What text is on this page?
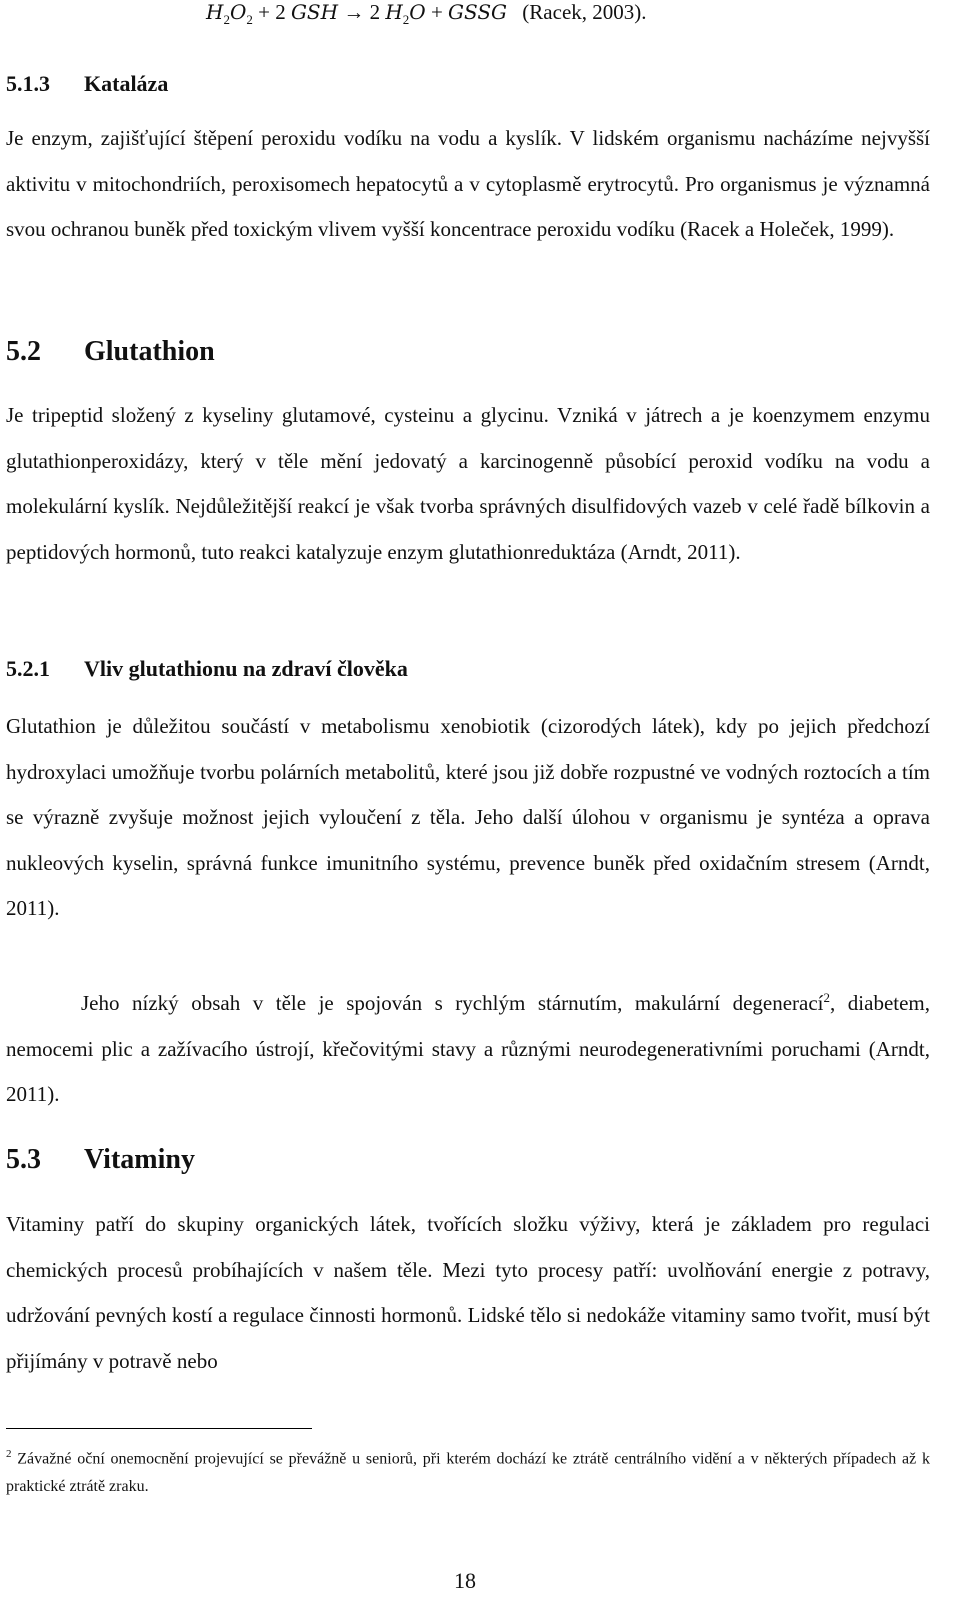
$H_2O_2 + 2$ GSH → 2 $H_2O$ + GSSG (Racek, 2003).
5.1.3 Kataláza
Je enzym, zajišťující štěpení peroxidu vodíku na vodu a kyslík. V lidském organismu nacházíme nejvyšší aktivitu v mitochondriích, peroxisomech hepatocytů a v cytoplasmě erytrocytů. Pro organismus je významná svou ochranou buněk před toxickým vlivem vyšší koncentrace peroxidu vodíku (Racek a Holeček, 1999).
5.2 Glutathion
Je tripeptid složený z kyseliny glutamové, cysteinu a glycinu. Vzniká v játrech a je koenzymem enzymu glutathionperoxidázy, který v těle mění jedovatý a karcinogenně působící peroxid vodíku na vodu a molekulární kyslík. Nejdůležitější reakcí je však tvorba správných disulfidových vazeb v celé řadě bílkovin a peptidových hormonů, tuto reakci katalyzuje enzym glutathionreduktáza (Arndt, 2011).
5.2.1 Vliv glutathionu na zdraví člověka
Glutathion je důležitou součástí v metabolismu xenobiotik (cizorodých látek), kdy po jejich předchozí hydroxylaci umožňuje tvorbu polárních metabolitů, které jsou již dobře rozpustné ve vodných roztocích a tím se výrazně zvyšuje možnost jejich vyloučení z těla. Jeho další úlohou v organismu je syntéza a oprava nukleových kyselin, správná funkce imunitního systému, prevence buněk před oxidačním stresem (Arndt, 2011).
Jeho nízký obsah v těle je spojován s rychlým stárnutím, makulární degenerací$^2$, diabetem, nemocemi plic a zažívacího ústrojí, křečovitými stavy a různými neurodegenerativními poruchami (Arndt, 2011).
5.3 Vitaminy
Vitaminy patří do skupiny organických látek, tvořících složku výživy, která je základem pro regulaci chemických procesů probíhajících v našem těle. Mezi tyto procesy patří: uvolňování energie z potravy, udržování pevných kostí a regulace činnosti hormonů. Lidské tělo si nedokáže vitaminy samo tvořit, musí být přijímány v potravě nebo
$^2$ Závažné oční onemocnění projevující se převážně u seniorů, při kterém dochází ke ztrátě centrálního vidění a v některých případech až k praktické ztrátě zraku.
18
